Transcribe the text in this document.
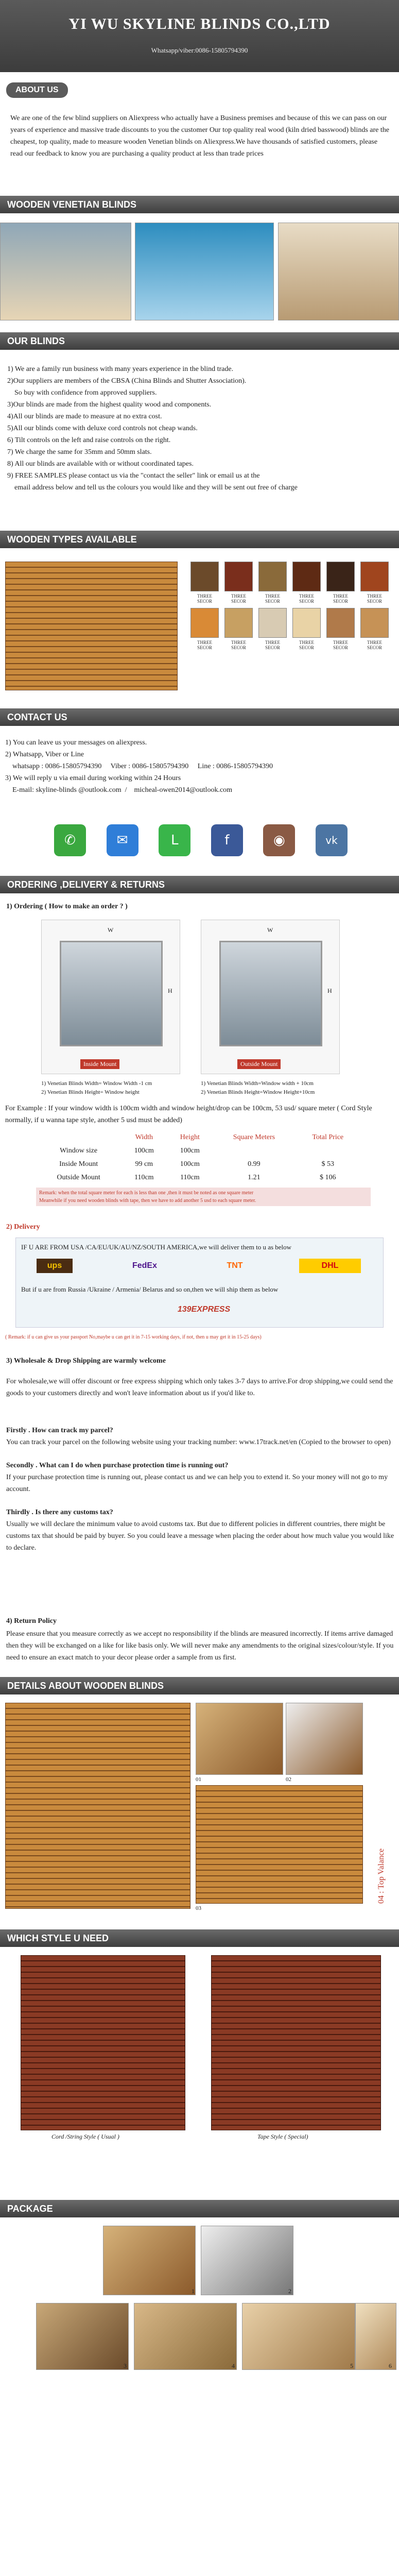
YI WU SKYLINE BLINDS CO.,LTD
Whatsapp/viber:0086-15805794390
ABOUT US
We are one of the few blind suppliers on Aliexpress who actually have a Business premises and because of this we can pass on our years of experience and massive trade discounts to you the customer Our top quality real wood (kiln dried basswood) blinds are the cheapest, top quality, made to measure wooden Venetian blinds on Aliexpress.We have thousands of satisfied customers, please read our feedback to know you are purchasing a quality product at less than trade prices
WOODEN VENETIAN BLINDS
OUR BLINDS
1) We are a family run business with many years experience in the blind trade.
2)Our suppliers are members of the CBSA (China Blinds and Shutter Association).
So buy with confidence from approved suppliers.
3)Our blinds are made from the highest quality wood and components.
4)All our blinds are made to measure at no extra cost.
5)All our blinds come with deluxe cord controls not cheap wands.
6) Tilt controls on the left and raise controls on the right.
7) We charge the same for 35mm and 50mm slats.
8) All our blinds are available with or without coordinated tapes.
9) FREE SAMPLES please contact us via the "contact the seller" link or email us at the
email address below and tell us the colours you would like and they will be sent out free of charge
WOODEN TYPES AVAILABLE
THREE SECOR
THREE SECOR
THREE SECOR
THREE SECOR
THREE SECOR
THREE SECOR
THREE SECOR
THREE SECOR
THREE SECOR
THREE SECOR
THREE SECOR
THREE SECOR
CONTACT US
1) You can leave us your messages on aliexpress.
2) Whatsapp, Viber or Line
whatsapp : 0086-15805794390     Viber : 0086-15805794390     Line : 0086-15805794390
3) We will reply u via email during working within 24 Hours
E-mail: skyline-blinds @outlook.com  /    micheal-owen2014@outlook.com
✆	✉	L	f	◉	vk
ORDERING ,DELIVERY & RETURNS
1) Ordering ( How to make an order ? )
W
H
Inside Mount
W
H
Outside Mount
1) Venetian Blinds Width= Window Width -1 cm
2) Venetian Blinds Height= Window height
1) Venetian Blinds Width=Window width + 10cm
2) Venetian Blinds Height=Window Height+10cm
For Example : If your window width is 100cm width and window height/drop can be 100cm, 53 usd/ square meter ( Cord Style normally, if u wanna tape style, another 5 usd must be added)
	Width	Height	Square Meters	Total Price
Window size	100cm	100cm		
Inside Mount	99 cm	100cm	0.99	$ 53
Outside Mount	110cm	110cm	1.21	$ 106
Remark: when the total square meter for each is less than one ,then it must be noted as one square meter
Meanwhile if you need wooden blinds with tape, then we have to add another 5 usd to each square meter.
2) Delivery
IF U ARE FROM USA /CA/EU/UK/AU/NZ/SOUTH AMERICA,we will deliver them to u as below
ups	FedEx	TNT	DHL
But if u are from Russia /Ukraine / Armenia/ Belarus and so on,then we will ship them as below
139EXPRESS
( Remark: if u can give us your passport No,maybe u can get it in 7-15 working days, if not, then u may get it in 15-25 days)
3) Wholesale & Drop Shipping are warmly welcome
For wholesale,we will offer discount or free express shipping which only takes 3-7 days to arrive.For drop shipping,we could send the goods to your customers directly and won't leave information about us if you'd like to.
Firstly . How can track my parcel?
You can track your parcel on the following website using your tracking number: www.17track.net/en (Copied to the browser to open)
Secondly . What can I do when purchase protection time is running out?
If your purchase protection time is running out, please contact us and we can help you to extend it. So your money will not go to my account.
Thirdly . Is there any customs tax?
Usually we will declare the minimum value to avoid customs tax. But due to different policies in different countries, there might be customs tax that should be paid by buyer. So you could leave a message when placing the order about how much value you would like to declare.
4) Return Policy
Please ensure that you measure correctly as we accept no responsibility if the blinds are measured incorrectly. If items arrive damaged then they will be exchanged on a like for like basis only. We will never make any amendments to the original sizes/colour/style. If you need to ensure an exact match to your decor please order a sample from us first.
DETAILS ABOUT WOODEN BLINDS
01	02
03
04 : Top Valance
WHICH STYLE U NEED
Cord /String Style ( Usual )	Tape Style ( Special)
PACKAGE
1	2
3	4	5	6
